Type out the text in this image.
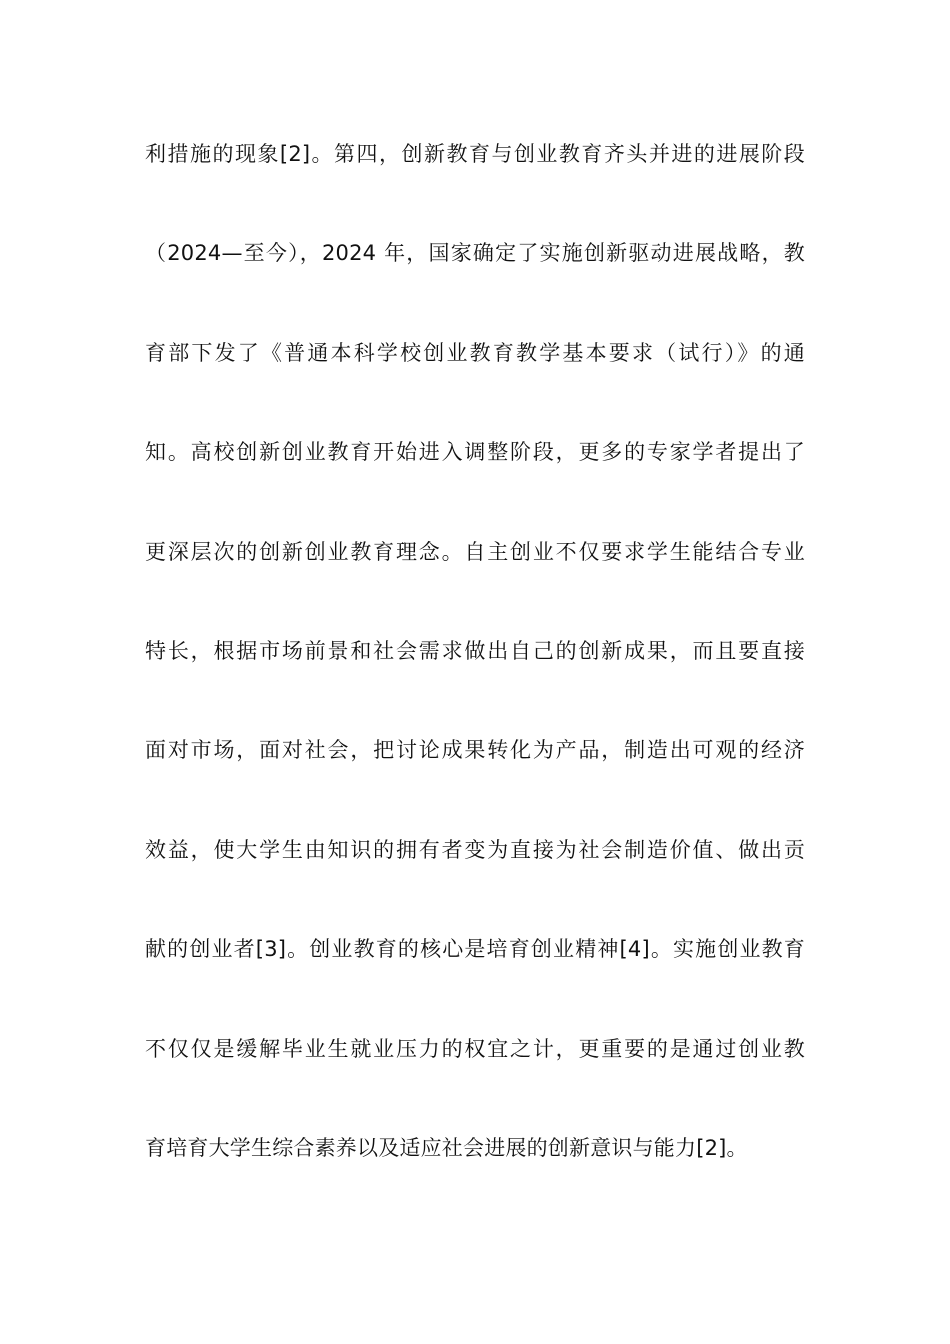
利措施的现象[2]。第四，创新教育与创业教育齐头并进的进展阶段
（2024—至今），2024 年，国家确定了实施创新驱动进展战略，教
育部下发了《普通本科学校创业教育教学基本要求（试行）》的通
知。高校创新创业教育开始进入调整阶段，更多的专家学者提出了
更深层次的创新创业教育理念。自主创业不仅要求学生能结合专业
特长，根据市场前景和社会需求做出自己的创新成果，而且要直接
面对市场，面对社会，把讨论成果转化为产品，制造出可观的经济
效益，使大学生由知识的拥有者变为直接为社会制造价值、做出贡
献的创业者[3]。创业教育的核心是培育创业精神[4]。实施创业教育
不仅仅是缓解毕业生就业压力的权宜之计，更重要的是通过创业教
育培育大学生综合素养以及适应社会进展的创新意识与能力[2]。
